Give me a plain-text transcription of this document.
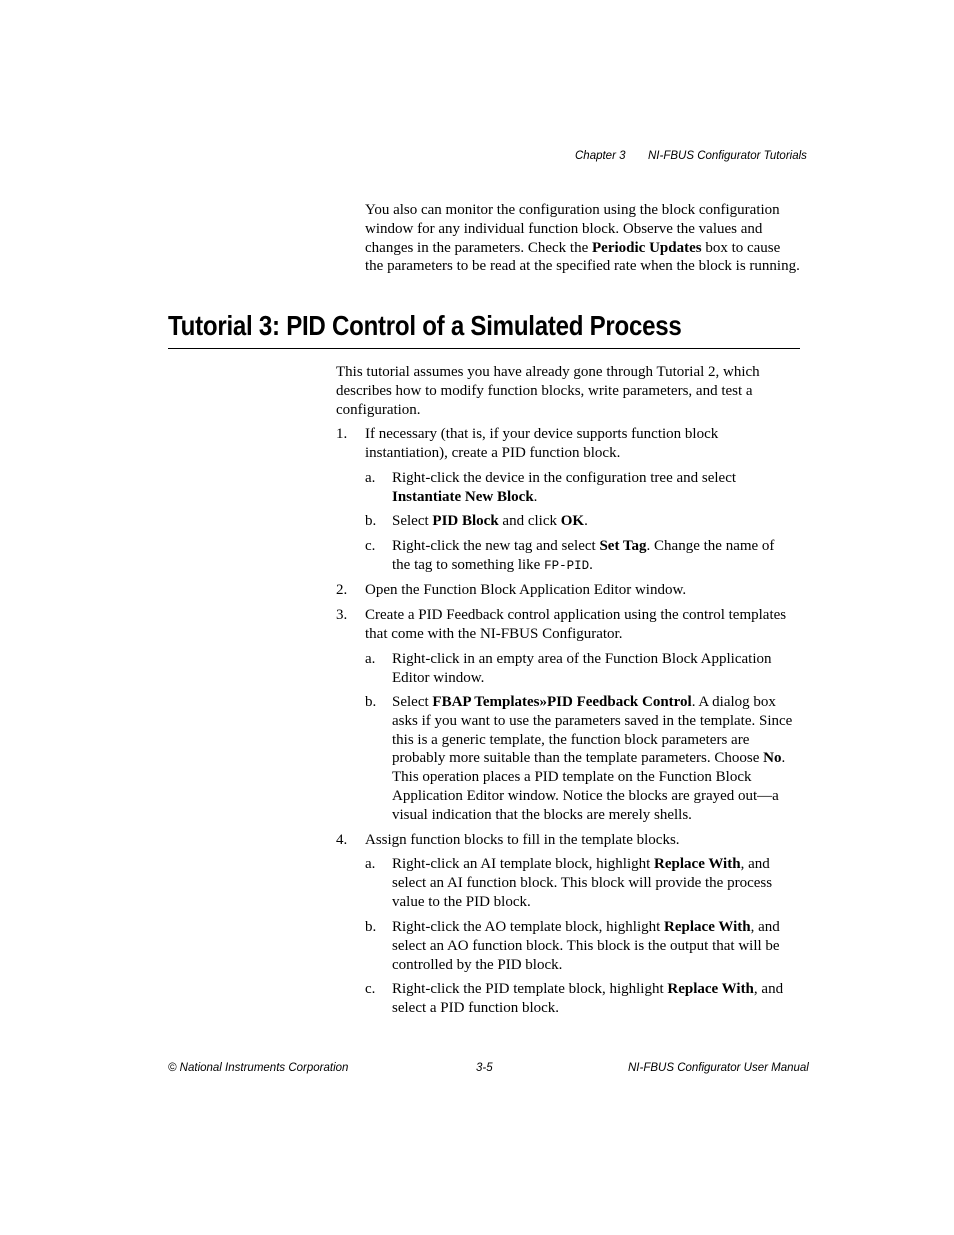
Chapter 3 NI-FBUS Configurator Tutorials

You also can monitor the configuration using the block configuration window for any individual function block. Observe the values and changes in the parameters. Check the Periodic Updates box to cause the parameters to be read at the specified rate when the block is running.

Tutorial 3: PID Control of a Simulated Process

This tutorial assumes you have already gone through Tutorial 2, which describes how to modify function blocks, write parameters, and test a configuration.

1. If necessary (that is, if your device supports function block instantiation), create a PID function block.

a. Right-click the device in the configuration tree and select Instantiate New Block.

b. Select PID Block and click OK.

c. Right-click the new tag and select Set Tag. Change the name of the tag to something like FP-PID.

2. Open the Function Block Application Editor window.

3. Create a PID Feedback control application using the control templates that come with the NI-FBUS Configurator.

a. Right-click in an empty area of the Function Block Application Editor window.

b. Select FBAP Templates»PID Feedback Control. A dialog box asks if you want to use the parameters saved in the template. Since this is a generic template, the function block parameters are probably more suitable than the template parameters. Choose No. This operation places a PID template on the Function Block Application Editor window. Notice the blocks are grayed out—a visual indication that the blocks are merely shells.

4. Assign function blocks to fill in the template blocks.

a. Right-click an AI template block, highlight Replace With, and select an AI function block. This block will provide the process value to the PID block.

b. Right-click the AO template block, highlight Replace With, and select an AO function block. This block is the output that will be controlled by the PID block.

c. Right-click the PID template block, highlight Replace With, and select a PID function block.

© National Instruments Corporation	3-5	NI-FBUS Configurator User Manual
